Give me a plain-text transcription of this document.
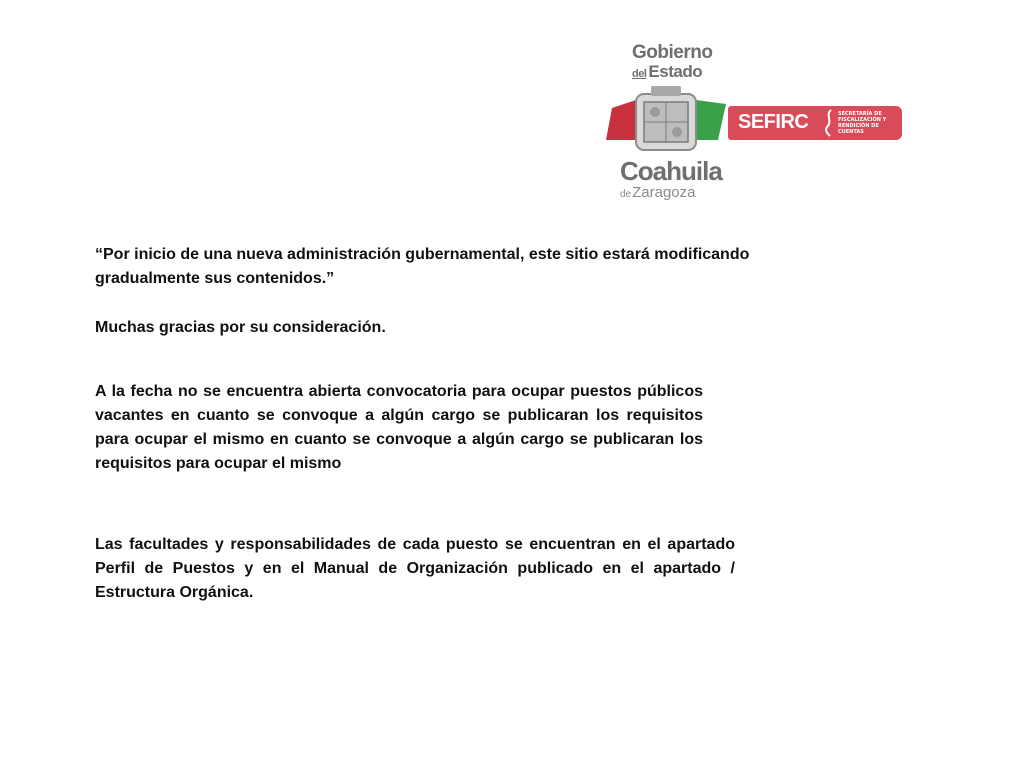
Gobierno
del Estado
Coahuila
deZaragoza
SEFIRC	SECRETARÍA DE FISCALIZACIÓN Y RENDICIÓN DE CUENTAS

“Por inicio de una nueva administración gubernamental, este sitio estará modificando gradualmente sus contenidos.”

Muchas gracias por su consideración.

A la fecha no se encuentra abierta convocatoria para ocupar puestos públicos vacantes en cuanto se convoque a algún cargo se publicaran los requisitos para ocupar el mismo en cuanto se convoque a algún cargo se publicaran los requisitos para ocupar el mismo

Las facultades y responsabilidades de cada puesto se encuentran en el apartado Perfil de Puestos y en el Manual de Organización publicado en el apartado / Estructura Orgánica.
